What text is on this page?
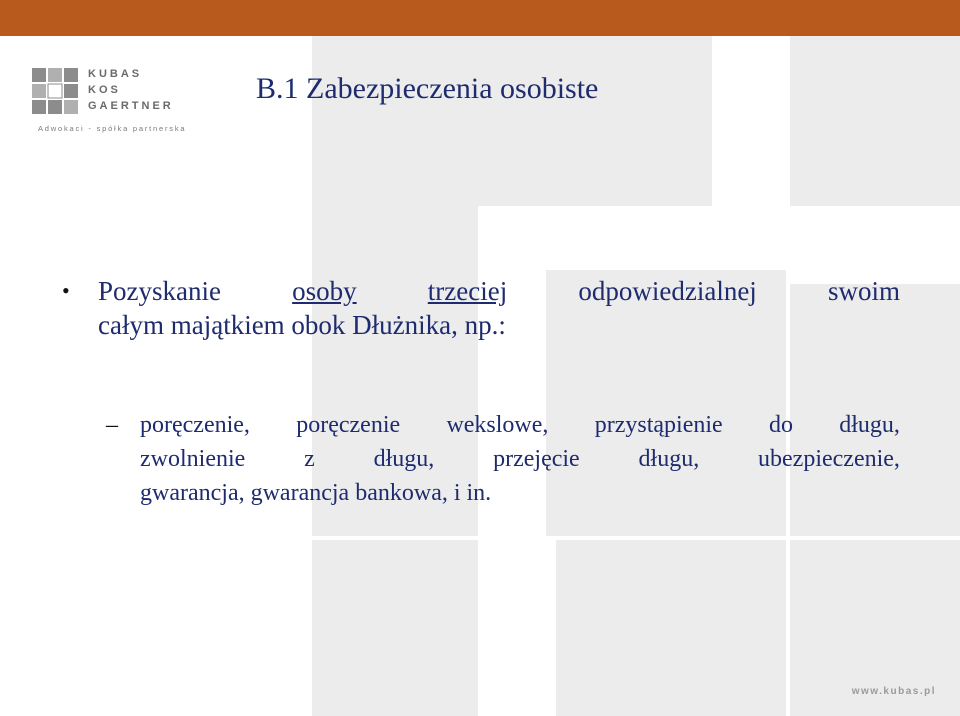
KUBAS
KOS
GAERTNER
Adwokaci - spółka partnerska
B.1 Zabezpieczenia osobiste
• Pozyskanie	osoby	trzeciej	odpowiedzialnej	swoim
całym majątkiem obok Dłużnika, np.:
– poręczenie, poręczenie wekslowe, przystąpienie do długu,
zwolnienie z długu, przejęcie długu, ubezpieczenie,
gwarancja, gwarancja bankowa, i in.
www.kubas.pl
